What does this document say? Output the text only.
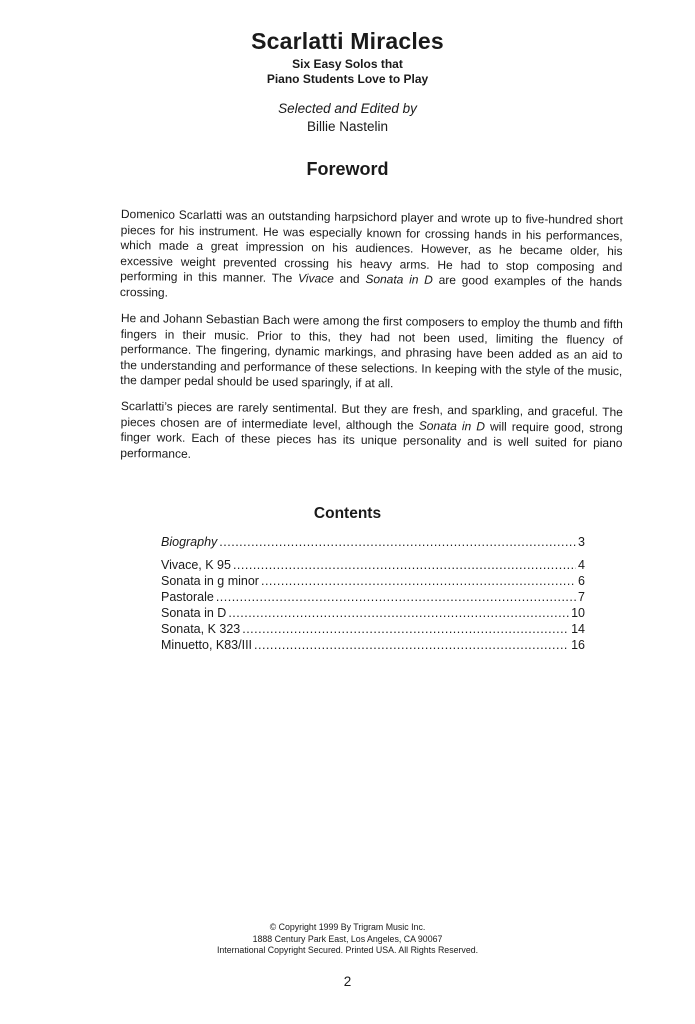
Scarlatti Miracles
Six Easy Solos that
Piano Students Love to Play
Selected and Edited by
Billie Nastelin
Foreword
Domenico Scarlatti was an outstanding harpsichord player and wrote up to five-hundred short pieces for his instrument. He was especially known for crossing hands in his performances, which made a great impression on his audiences. However, as he became older, his excessive weight prevented crossing his heavy arms. He had to stop composing and performing in this manner. The Vivace and Sonata in D are good examples of the hands crossing.
He and Johann Sebastian Bach were among the first composers to employ the thumb and fifth fingers in their music. Prior to this, they had not been used, limiting the fluency of performance. The fingering, dynamic markings, and phrasing have been added as an aid to the understanding and performance of these selections. In keeping with the style of the music, the damper pedal should be used sparingly, if at all.
Scarlatti’s pieces are rarely sentimental. But they are fresh, and sparkling, and graceful. The pieces chosen are of intermediate level, although the Sonata in D will require good, strong finger work. Each of these pieces has its unique personality and is well suited for piano performance.
Contents
Biography .....	3
Vivace, K 95 .....	4
Sonata in g minor .....	6
Pastorale .....	7
Sonata in D .....	10
Sonata, K 323 .....	14
Minuetto, K83/III .....	16
© Copyright 1999 By Trigram Music Inc.
1888 Century Park East, Los Angeles, CA 90067
International Copyright Secured. Printed USA. All Rights Reserved.
2
